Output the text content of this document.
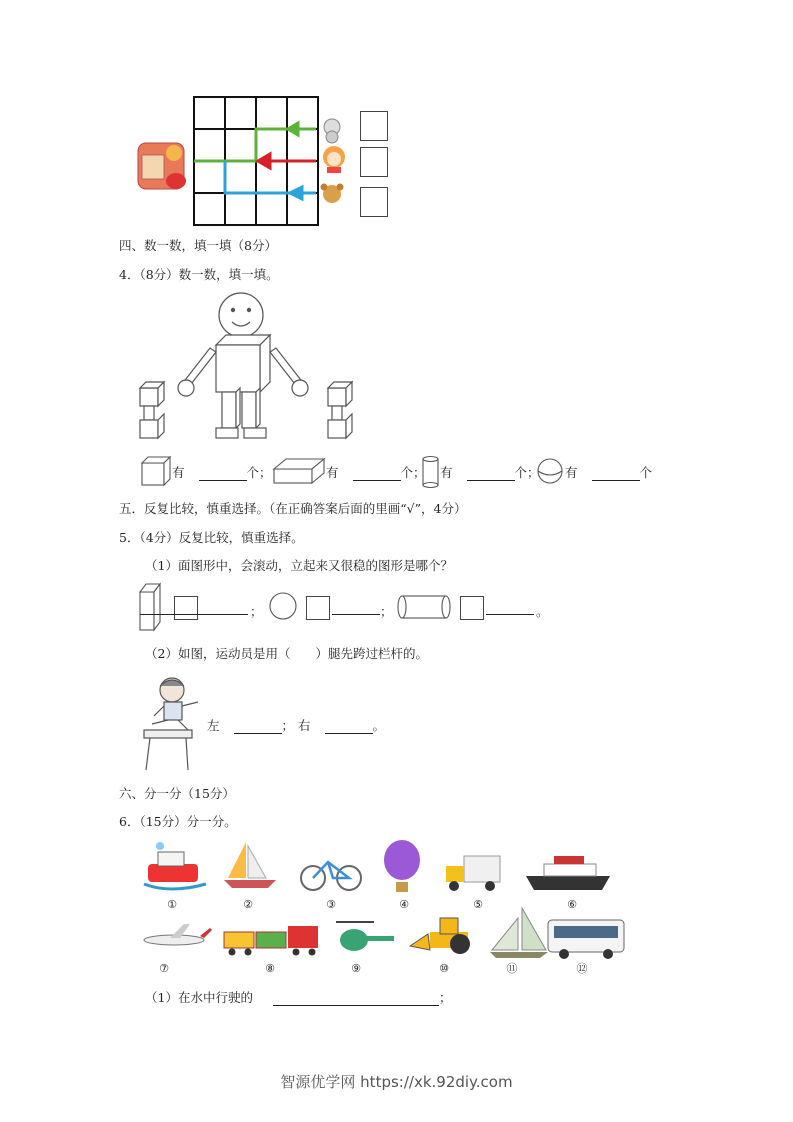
四、数一数，填一填（8分）
4．（8分）数一数，填一填。
有	个；	有	个； 有	个； 有	个
五．反复比较，慎重选择。（在正确答案后面的里画“√”，4分）
5．（4分）反复比较，慎重选择。
（1）面图形中，会滚动，立起来又很稳的图形是哪个？
；	；	。
（2）如图，运动员是用（　　）腿先跨过栏杆的。
左	； 右	。
六、分一分（15分）
6．（15分）分一分。
①	②	③	④	⑤	⑥
⑦	⑧	⑨	⑩	⑪	⑫
（1）在水中行驶的	；
智源优学网 https://xk.92diy.com
